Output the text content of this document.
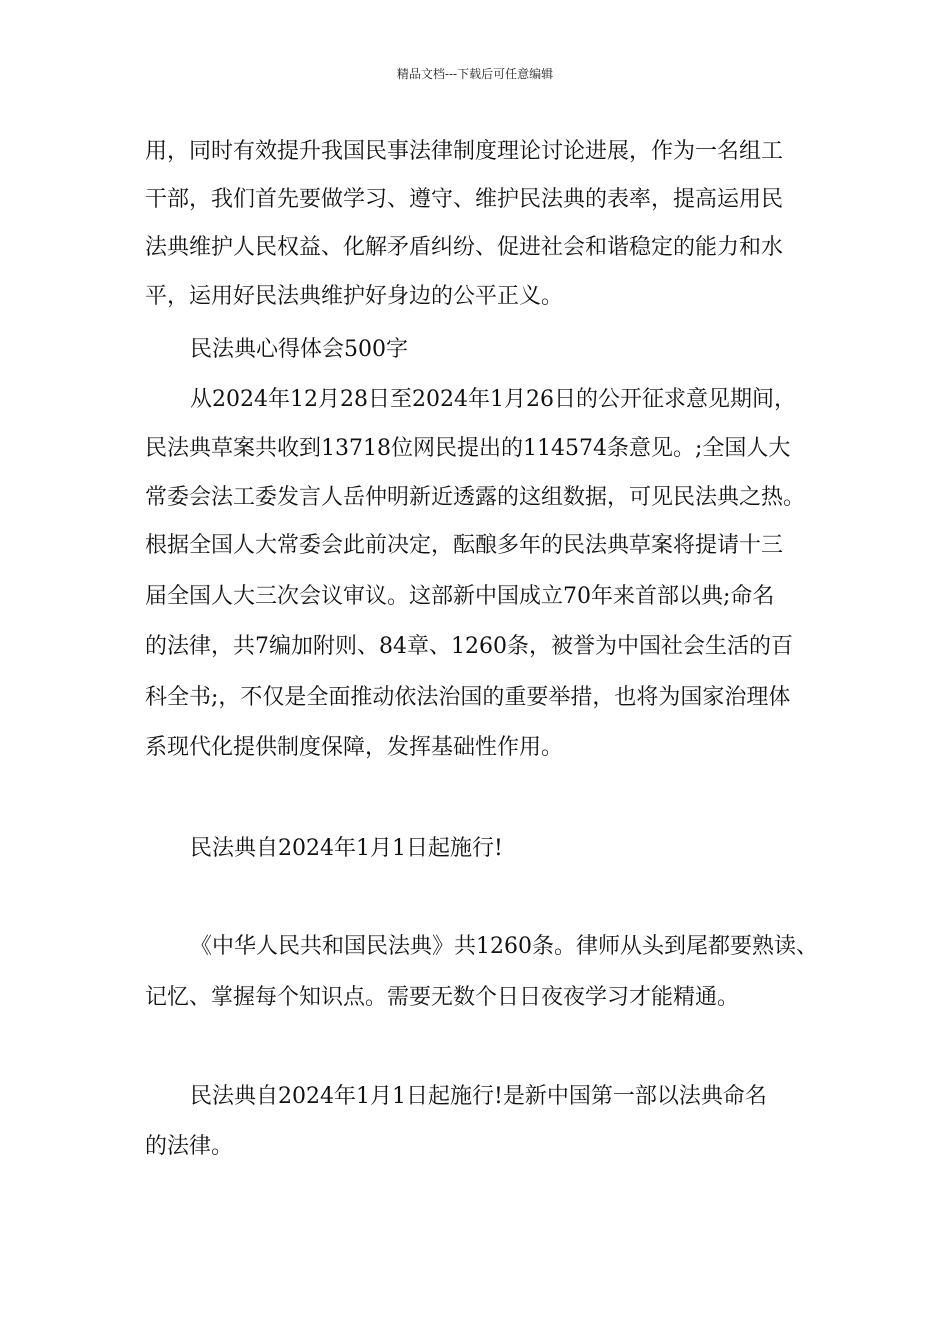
精品文档---下载后可任意编辑
用，同时有效提升我国民事法律制度理论讨论进展，作为一名组工
干部，我们首先要做学习、遵守、维护民法典的表率，提高运用民
法典维护人民权益、化解矛盾纠纷、促进社会和谐稳定的能力和水
平，运用好民法典维护好身边的公平正义。
民法典心得体会500字
从2024年12月28日至2024年1月26日的公开征求意见期间，
民法典草案共收到13718位网民提出的114574条意见。;全国人大
常委会法工委发言人岳仲明新近透露的这组数据，可见民法典之热。
根据全国人大常委会此前决定，酝酿多年的民法典草案将提请十三
届全国人大三次会议审议。这部新中国成立70年来首部以典;命名
的法律，共7编加附则、84章、1260条，被誉为中国社会生活的百
科全书;，不仅是全面推动依法治国的重要举措，也将为国家治理体
系现代化提供制度保障，发挥基础性作用。
民法典自2024年1月1日起施行!
《中华人民共和国民法典》共1260条。律师从头到尾都要熟读、
记忆、掌握每个知识点。需要无数个日日夜夜学习才能精通。
民法典自2024年1月1日起施行!是新中国第一部以法典命名
的法律。
